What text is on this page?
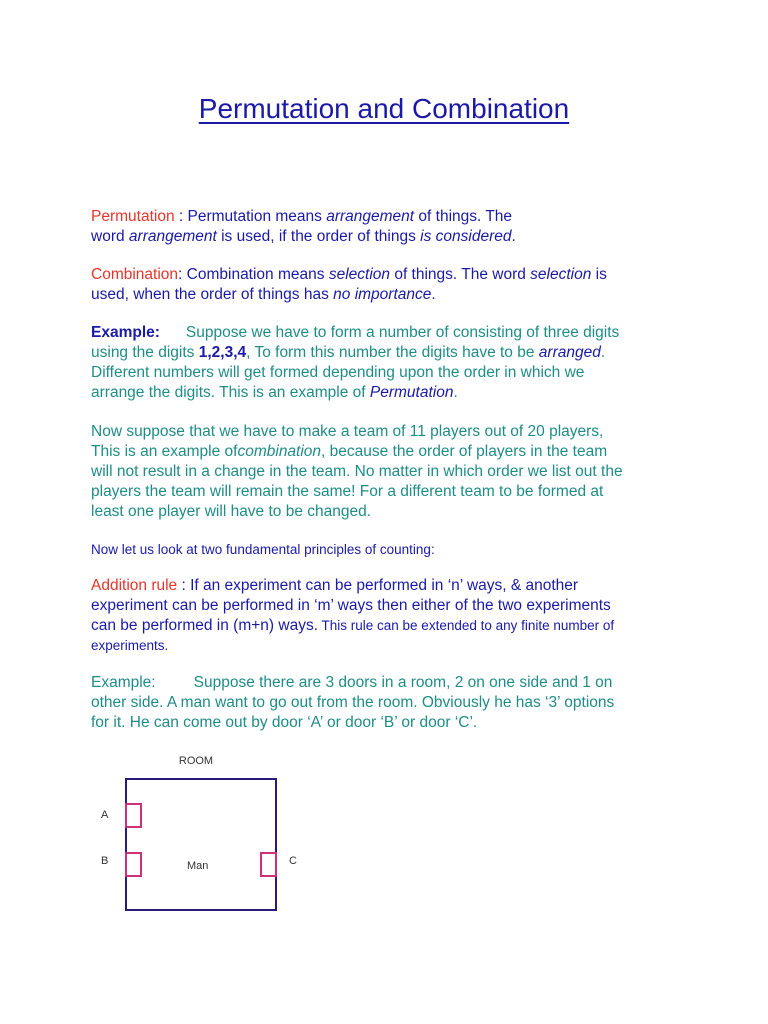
Permutation and Combination
Permutation : Permutation means arrangement of things. The
word arrangement is used, if the order of things is considered.
Combination: Combination means selection of things. The word selection is
used, when the order of things has no importance.
Example: Suppose we have to form a number of consisting of three digits
using the digits 1,2,3,4, To form this number the digits have to be arranged.
Different numbers will get formed depending upon the order in which we
arrange the digits. This is an example of Permutation.
Now suppose that we have to make a team of 11 players out of 20 players,
This is an example ofcombination, because the order of players in the team
will not result in a change in the team. No matter in which order we list out the
players the team will remain the same! For a different team to be formed at
least one player will have to be changed.
Now let us look at two fundamental principles of counting:
Addition rule : If an experiment can be performed in ‘n’ ways, & another
experiment can be performed in ‘m’ ways then either of the two experiments
can be performed in (m+n) ways. This rule can be extended to any finite number of
experiments.
Example: Suppose there are 3 doors in a room, 2 on one side and 1 on
other side. A man want to go out from the room. Obviously he has ‘3’ options
for it. He can come out by door ‘A’ or door ‘B’ or door ‘C’.
ROOM
A
B	C
Man
